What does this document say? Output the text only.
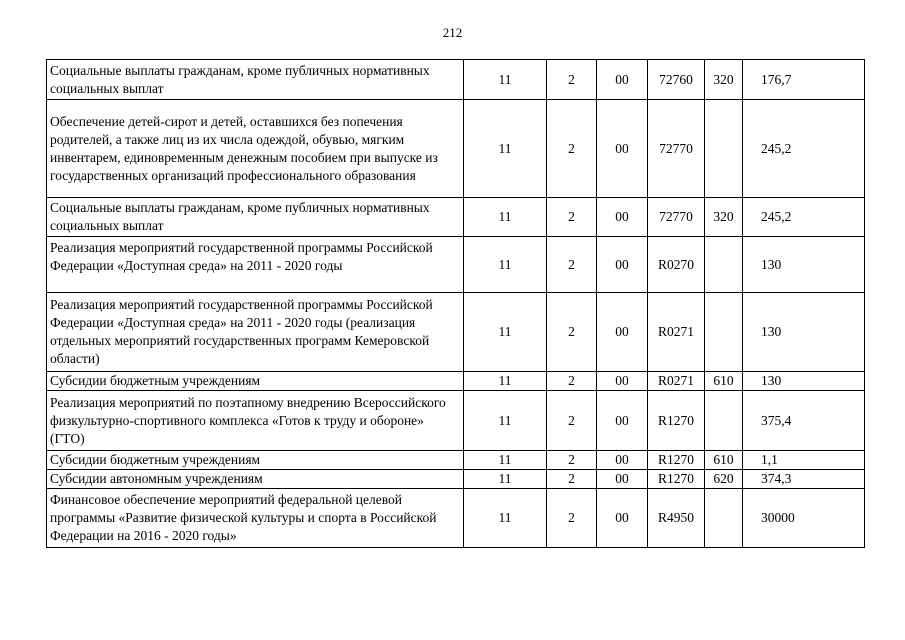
212
Социальные выплаты гражданам, кроме публичных нормативных социальных выплат	11	2	00	72760	320	176,7
Обеспечение детей-сирот и детей, оставшихся без попечения родителей, а также лиц из их числа одеждой, обувью, мягким инвентарем, единовременным денежным пособием при выпуске из государственных организаций профессионального образования	11	2	00	72770		245,2
Социальные выплаты гражданам, кроме публичных нормативных социальных выплат	11	2	00	72770	320	245,2
Реализация мероприятий государственной программы Российской Федерации «Доступная среда» на 2011 - 2020 годы	11	2	00	R0270		130
Реализация мероприятий государственной программы Российской Федерации «Доступная среда» на 2011 - 2020 годы (реализация отдельных мероприятий государственных программ Кемеровской области)	11	2	00	R0271		130
Субсидии бюджетным учреждениям	11	2	00	R0271	610	130
Реализация мероприятий по поэтапному внедрению Всероссийского физкультурно-спортивного комплекса «Готов к труду и обороне» (ГТО)	11	2	00	R1270		375,4
Субсидии бюджетным учреждениям	11	2	00	R1270	610	1,1
Субсидии автономным учреждениям	11	2	00	R1270	620	374,3
Финансовое обеспечение мероприятий федеральной целевой программы «Развитие физической культуры и спорта в Российской Федерации на 2016 - 2020 годы»	11	2	00	R4950		30000
